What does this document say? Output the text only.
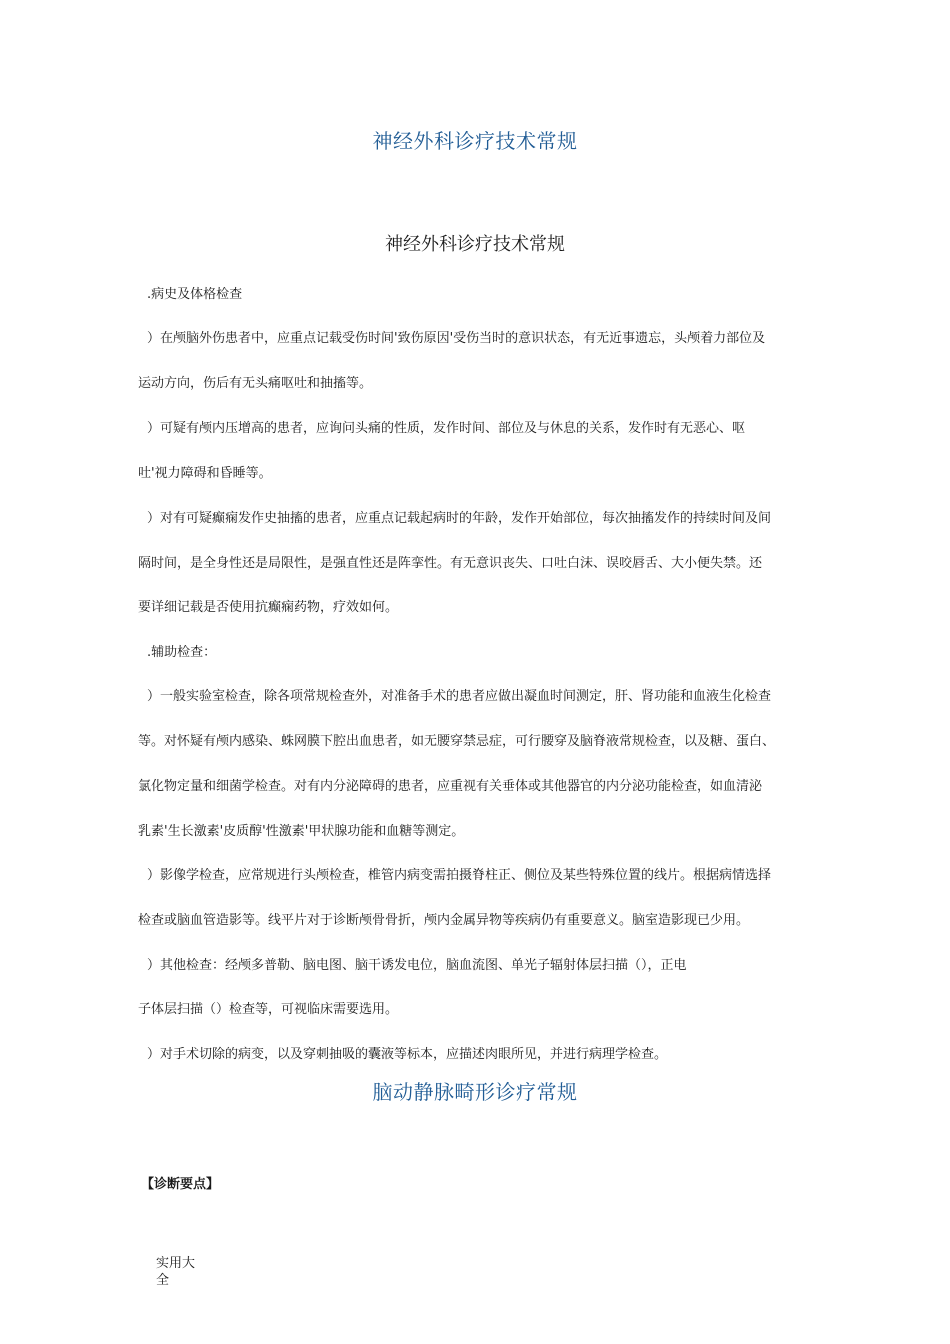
神经外科诊疗技术常规
神经外科诊疗技术常规
.病史及体格检查
）在颅脑外伤患者中，应重点记载受伤时间'致伤原因'受伤当时的意识状态，有无近事遗忘，头颅着力部位及
运动方向，伤后有无头痛呕吐和抽搐等。
）可疑有颅内压增高的患者，应询问头痛的性质，发作时间、部位及与休息的关系，发作时有无恶心、呕
吐'视力障碍和昏睡等。
）对有可疑癫痫发作史抽搐的患者，应重点记载起病时的年龄，发作开始部位，每次抽搐发作的持续时间及间
隔时间，是全身性还是局限性，是强直性还是阵挛性。有无意识丧失、口吐白沫、误咬唇舌、大小便失禁。还
要详细记载是否使用抗癫痫药物，疗效如何。
.辅助检查：
）一般实验室检查，除各项常规检查外，对准备手术的患者应做出凝血时间测定，肝、肾功能和血液生化检查
等。对怀疑有颅内感染、蛛网膜下腔出血患者，如无腰穿禁忌症，可行腰穿及脑脊液常规检查，以及糖、蛋白、
氯化物定量和细菌学检查。对有内分泌障碍的患者，应重视有关垂体或其他器官的内分泌功能检查，如血清泌
乳素'生长激素'皮质醇'性激素'甲状腺功能和血糖等测定。
）影像学检查，应常规进行头颅检查，椎管内病变需拍摄脊柱正、侧位及某些特殊位置的线片。根据病情选择
检查或脑血管造影等。线平片对于诊断颅骨骨折，颅内金属异物等疾病仍有重要意义。脑室造影现已少用。
）其他检查：经颅多普勒、脑电图、脑干诱发电位，脑血流图、单光子辐射体层扫描（），正电
子体层扫描（）检查等，可视临床需要选用。
）对手术切除的病变，以及穿刺抽吸的囊液等标本，应描述肉眼所见，并进行病理学检查。
脑动静脉畸形诊疗常规
【诊断要点】
实用大全
